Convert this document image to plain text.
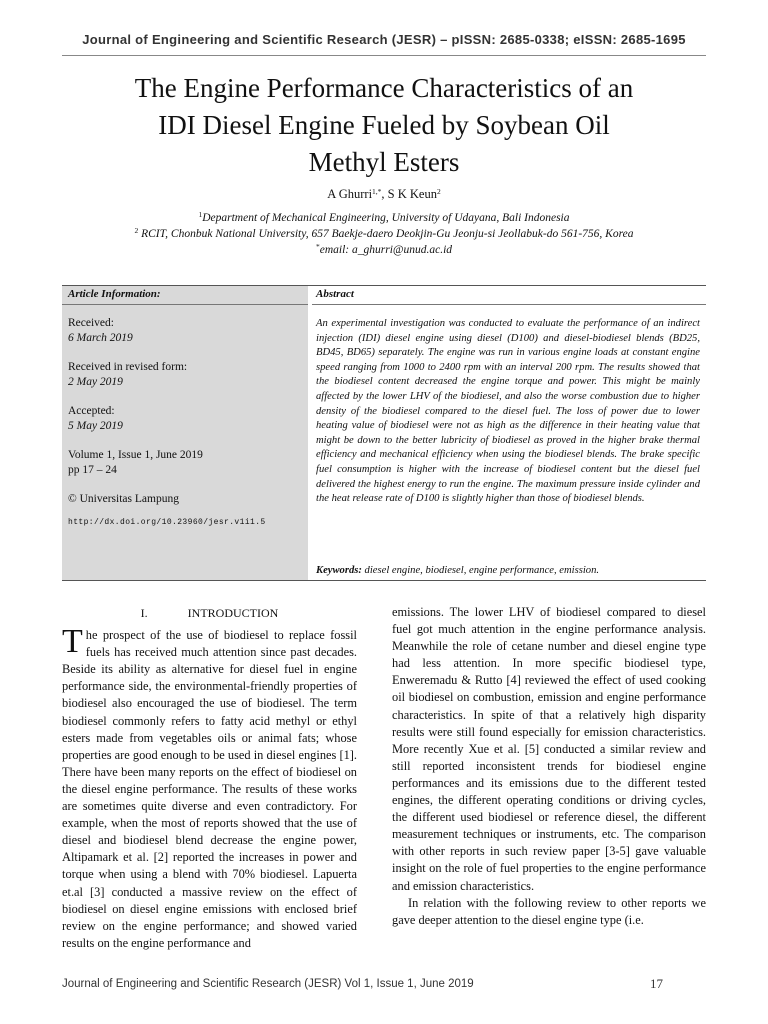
Journal of Engineering and Scientific Research (JESR) – pISSN: 2685-0338; eISSN: 2685-1695
The Engine Performance Characteristics of an
IDI Diesel Engine Fueled by Soybean Oil
Methyl Esters
A Ghurri$^{1,*}$, S K Keun$^2$
$^1$Department of Mechanical Engineering, University of Udayana, Bali Indonesia
$^2$ RCIT, Chonbuk National University, 657 Baekje-daero Deokjin-Gu Jeonju-si Jeollabuk-do 561-756, Korea
*email: a_ghurri@unud.ac.id
Article Information:
Received:
6 March 2019
Received in revised form:
2 May 2019
Accepted:
5 May 2019
Volume 1, Issue 1, June 2019
pp 17 – 24
© Universitas Lampung
http://dx.doi.org/10.23960/jesr.v1i1.5
Abstract
An experimental investigation was conducted to evaluate the performance of an indirect injection (IDI) diesel engine using diesel (D100) and diesel-biodiesel blends (BD25, BD45, BD65) separately. The engine was run in various engine loads at constant engine speed ranging from 1000 to 2400 rpm with an interval 200 rpm. The results showed that the biodiesel content decreased the engine torque and power. This might be mainly affected by the lower LHV of the biodiesel, and also the worse combustion due to higher density of the biodiesel compared to the diesel fuel. The loss of power due to lower heating value of biodiesel were not as high as the difference in their heating value that might be down to the better lubricity of biodiesel as proved in the higher brake thermal efficiency and mechanical efficiency when using the biodiesel blends. The brake specific fuel consumption is higher with the increase of biodiesel content but the diesel fuel delivered the highest energy to run the engine. The maximum pressure inside cylinder and the heat release rate of D100 is slightly higher than those of biodiesel blends.
Keywords: diesel engine, biodiesel, engine performance, emission.
I.	INTRODUCTION

The prospect of the use of biodiesel to replace fossil fuels has received much attention since past decades. Beside its ability as alternative for diesel fuel in engine performance side, the environmental-friendly properties of biodiesel also encouraged the use of biodiesel. The term biodiesel commonly refers to fatty acid methyl or ethyl esters made from vegetables oils or animal fats; whose properties are good enough to be used in diesel engines [1]. There have been many reports on the effect of biodiesel on the diesel engine performance. The results of these works are sometimes quite diverse and even contradictory. For example, when the most of reports showed that the use of diesel and biodiesel blend decrease the engine power, Altipamark et al. [2] reported the increases in power and torque when using a blend with 70% biodiesel. Lapuerta et.al [3] conducted a massive review on the effect of biodiesel on diesel engine emissions with enclosed brief review on the engine performance; and showed varied results on the engine performance and

emissions. The lower LHV of biodiesel compared to diesel fuel got much attention in the engine performance analysis. Meanwhile the role of cetane number and diesel engine type had less attention. In more specific biodiesel type, Enweremadu & Rutto [4] reviewed the effect of used cooking oil biodiesel on combustion, emission and engine performance characteristics. In spite of that a relatively high disparity results were still found especially for emission characteristics. More recently Xue et al. [5] conducted a similar review and still reported inconsistent trends for biodiesel engine performances and its emissions due to the different tested engines, the different operating conditions or driving cycles, the different used biodiesel or reference diesel, the different measurement techniques or instruments, etc. The comparison with other reports in such review paper [3-5] gave valuable insight on the role of fuel properties to the engine performance and emission characteristics.

In relation with the following review to other reports we gave deeper attention to the diesel engine type (i.e.

Journal of Engineering and Scientific Research (JESR) Vol 1, Issue 1, June 2019	17
